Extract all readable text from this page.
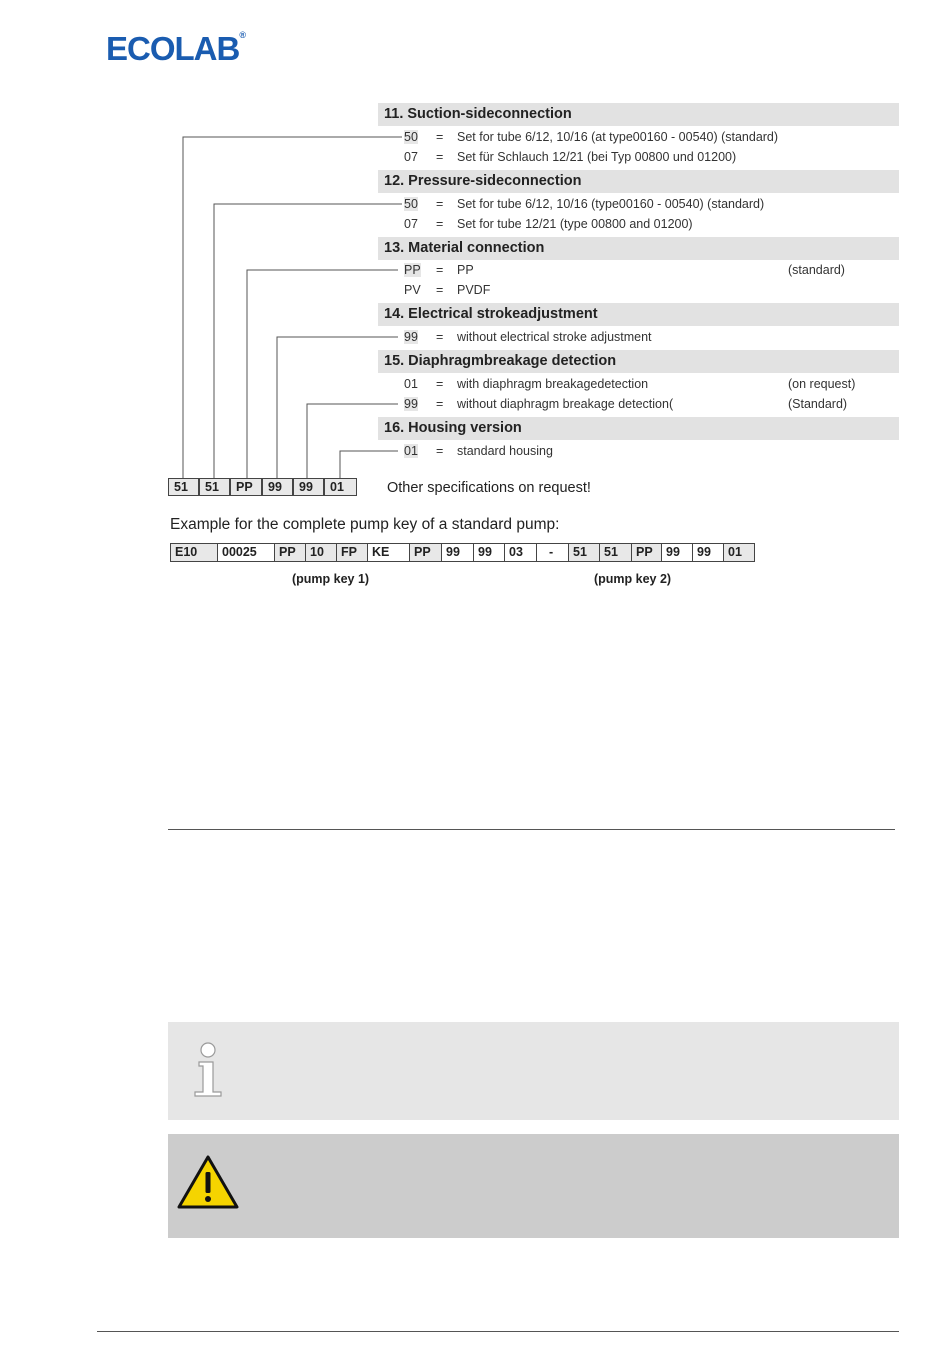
ECOLAB®
11. Suction-sideconnection
50 = Set for tube 6/12, 10/16 (at type00160 - 00540) (standard)
07 = Set für Schlauch 12/21 (bei Typ 00800 und 01200)
12. Pressure-sideconnection
50 = Set for tube 6/12, 10/16 (type00160 - 00540) (standard)
07 = Set for tube 12/21 (type 00800 and 01200)
13. Material connection
PP = PP	(standard)
PV = PVDF
14. Electrical strokeadjustment
99 = without electrical stroke adjustment
15. Diaphragmbreakage detection
01 = with diaphragm breakagedetection	(on request)
99 = without diaphragm breakage detection(	(Standard)
16. Housing version
01 = standard housing
51	51	PP	99	99	01	Other specifications on request!
Example for the complete pump key of a standard pump:
E10	00025	PP	10	FP	KE	PP	99	99	03	-	51	51	PP	99	99	01
(pump key 1)	(pump key 2)
